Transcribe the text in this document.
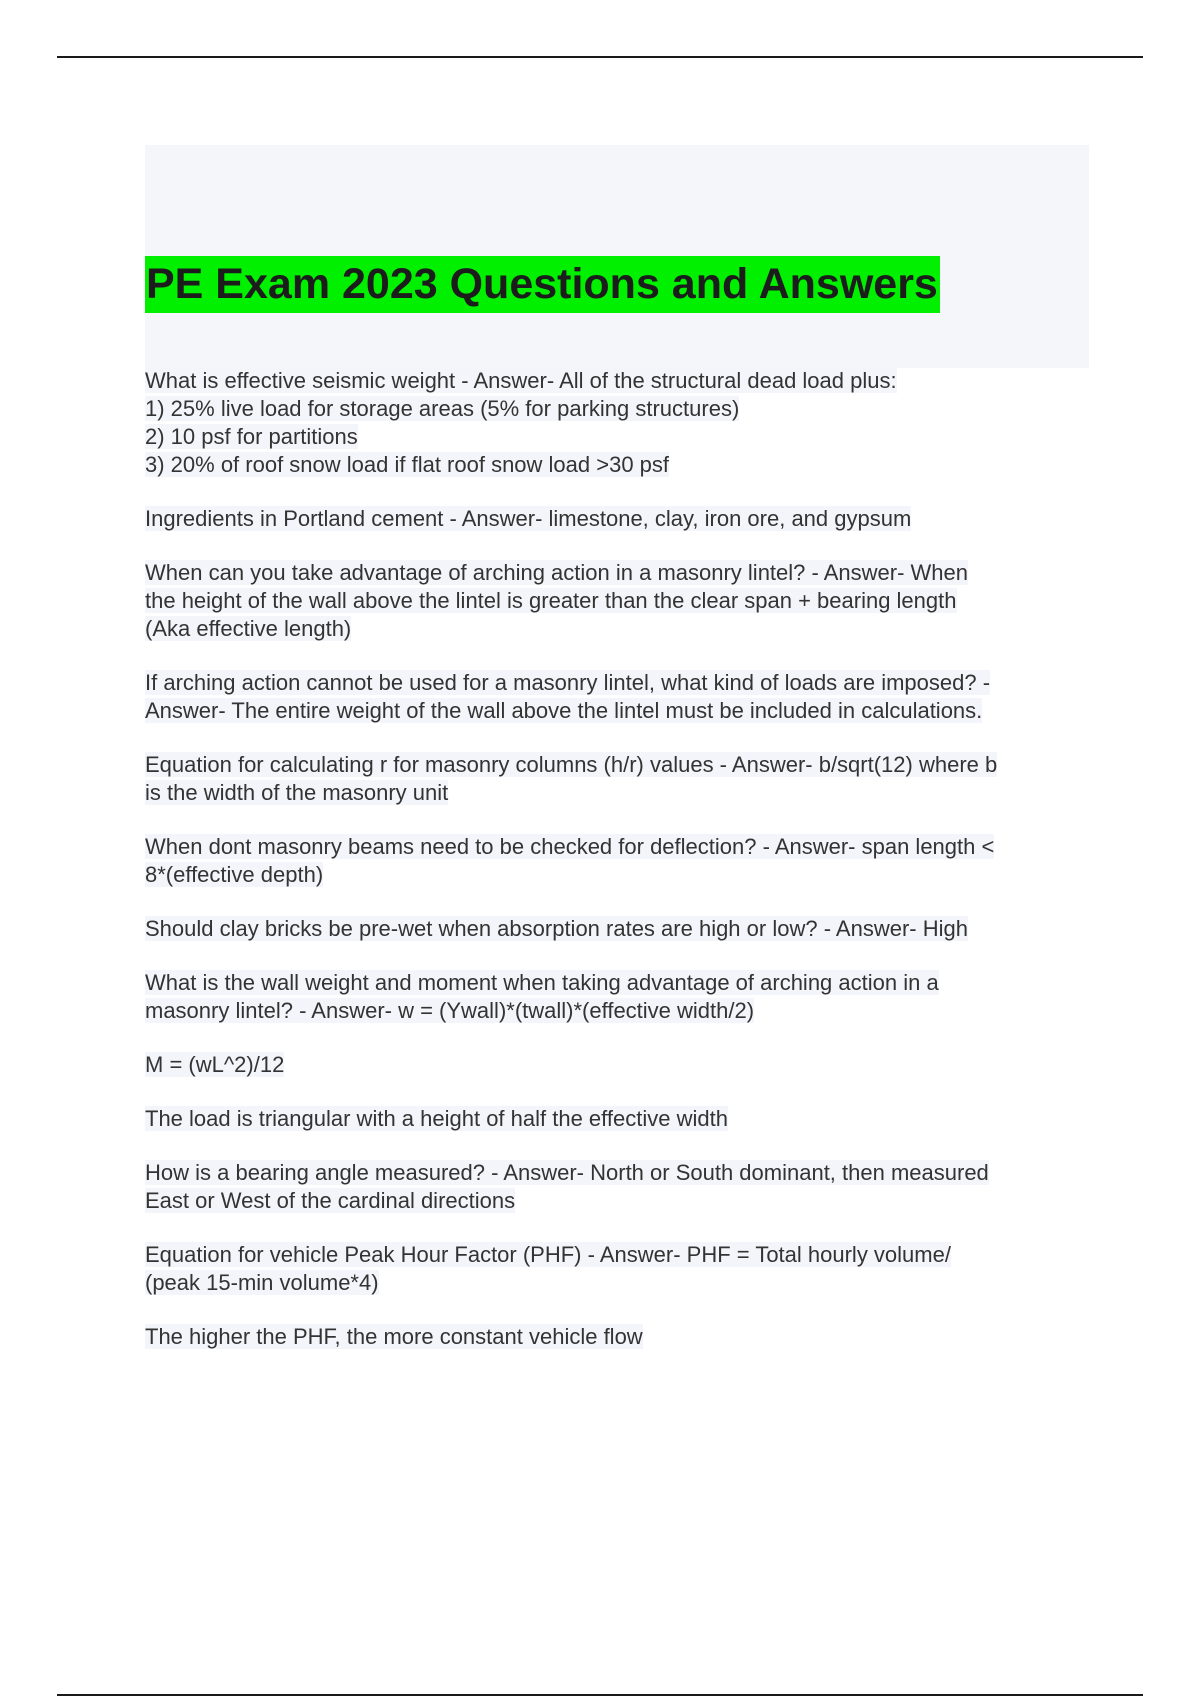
PE Exam 2023 Questions and Answers
What is effective seismic weight - Answer- All of the structural dead load plus:
1) 25% live load for storage areas (5% for parking structures)
2) 10 psf for partitions
3) 20% of roof snow load if flat roof snow load >30 psf
Ingredients in Portland cement - Answer- limestone, clay, iron ore, and gypsum
When can you take advantage of arching action in a masonry lintel? - Answer- When
the height of the wall above the lintel is greater than the clear span + bearing length
(Aka effective length)
If arching action cannot be used for a masonry lintel, what kind of loads are imposed? -
Answer- The entire weight of the wall above the lintel must be included in calculations.
Equation for calculating r for masonry columns (h/r) values - Answer- b/sqrt(12) where b
is the width of the masonry unit
When dont masonry beams need to be checked for deflection? - Answer- span length <
8*(effective depth)
Should clay bricks be pre-wet when absorption rates are high or low? - Answer- High
What is the wall weight and moment when taking advantage of arching action in a
masonry lintel? - Answer- w = (Ywall)*(twall)*(effective width/2)
M = (wL^2)/12
The load is triangular with a height of half the effective width
How is a bearing angle measured? - Answer- North or South dominant, then measured
East or West of the cardinal directions
Equation for vehicle Peak Hour Factor (PHF) - Answer- PHF = Total hourly volume/
(peak 15-min volume*4)
The higher the PHF, the more constant vehicle flow
